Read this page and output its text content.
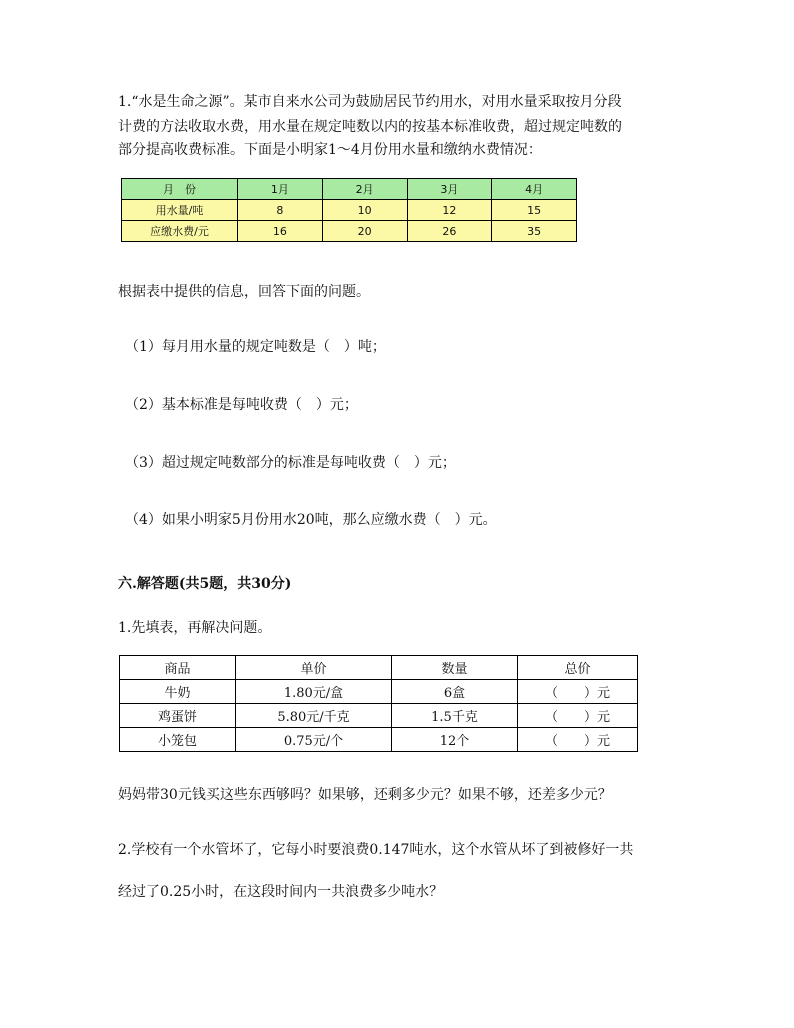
1.“水是生命之源”。某市自来水公司为鼓励居民节约用水，对用水量采取按月分段
计费的方法收取水费，用水量在规定吨数以内的按基本标准收费，超过规定吨数的
部分提高收费标准。下面是小明家1～4月份用水量和缴纳水费情况：
月　份	1月	2月	3月	4月
用水量/吨	8	10	12	15
应缴水费/元	16	20	26	35
根据表中提供的信息，回答下面的问题。
（1）每月用水量的规定吨数是（　）吨；
（2）基本标准是每吨收费（　）元；
（3）超过规定吨数部分的标准是每吨收费（　）元；
（4）如果小明家5月份用水20吨，那么应缴水费（　）元。
六.解答题(共5题，共30分)
1.先填表，再解决问题。
商品	单价	数量	总价
牛奶	1.80元/盒	6盒	（　　）元
鸡蛋饼	5.80元/千克	1.5千克	（　　）元
小笼包	0.75元/个	12个	（　　）元
妈妈带30元钱买这些东西够吗？如果够，还剩多少元？如果不够，还差多少元？
2.学校有一个水管坏了，它每小时要浪费0.147吨水，这个水管从坏了到被修好一共
经过了0.25小时，在这段时间内一共浪费多少吨水？
